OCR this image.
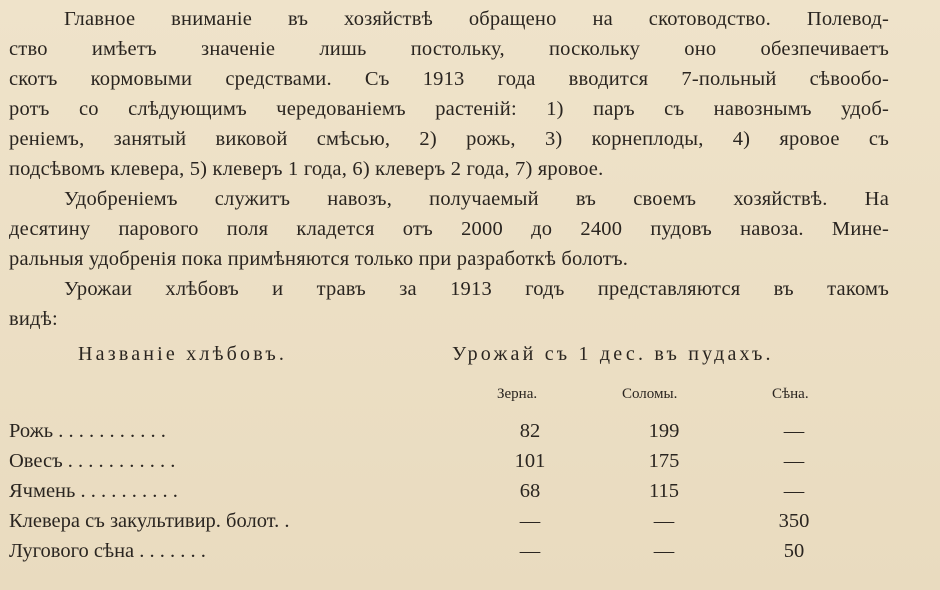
Главное вниманіе въ хозяйствѣ обращено на скотоводство. Полевод-
ство имѣетъ значеніе лишь постольку, поскольку оно обезпечиваетъ
скотъ кормовыми средствами. Съ 1913 года вводится 7-польный сѣвообо-
ротъ со слѣдующимъ чередованіемъ растеній: 1) паръ съ навознымъ удоб-
реніемъ, занятый виковой смѣсью, 2) рожь, 3) корнеплоды, 4) яровое съ
подсѣвомъ клевера, 5) клеверъ 1 года, 6) клеверъ 2 года, 7) яровое.
Удобреніемъ служитъ навозъ, получаемый въ своемъ хозяйствѣ. На
десятину парового поля кладется отъ 2000 до 2400 пудовъ навоза. Мине-
ральныя удобренія пока примѣняются только при разработкѣ болотъ.
Урожаи хлѣбовъ и травъ за 1913 годъ представляются въ такомъ
видѣ:
Названіе хлѣбовъ.	Урожай съ 1 дес. въ пудахъ.
Зерна.	Соломы.	Сѣна.
Рожь . . . . . . . . . . .	82	199	—
Овесъ . . . . . . . . . . .	101	175	—
Ячмень . . . . . . . . . .	68	115	—
Клевера съ закультивир. болот. .	—	—	350
Лугового сѣна . . . . . . .	—	—	50
